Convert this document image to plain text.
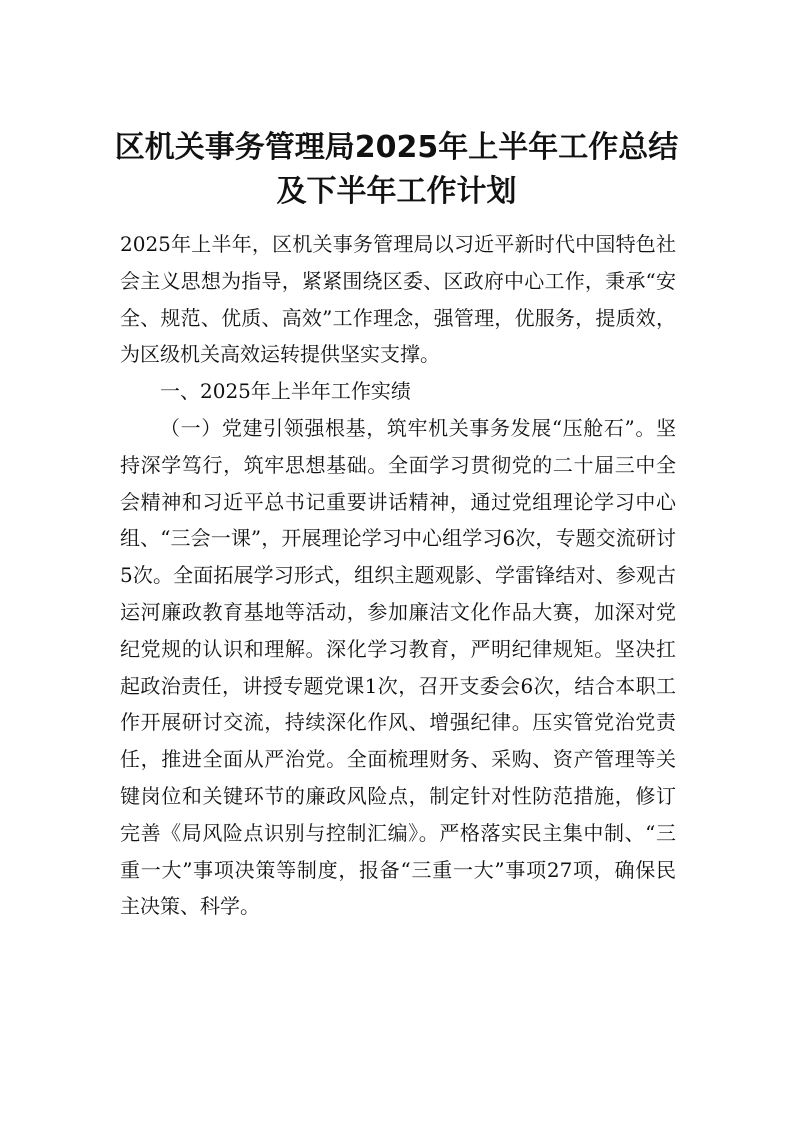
区机关事务管理局2025年上半年工作总结
及下半年工作计划

2025年上半年，区机关事务管理局以习近平新时代中国特色社会主义思想为指导，紧紧围绕区委、区政府中心工作，秉承“安全、规范、优质、高效”工作理念，强管理，优服务，提质效，为区级机关高效运转提供坚实支撑。

一、2025年上半年工作实绩

（一）党建引领强根基，筑牢机关事务发展“压舱石”。坚持深学笃行，筑牢思想基础。全面学习贯彻党的二十届三中全会精神和习近平总书记重要讲话精神，通过党组理论学习中心组、“三会一课”，开展理论学习中心组学习6次，专题交流研讨5次。全面拓展学习形式，组织主题观影、学雷锋结对、参观古运河廉政教育基地等活动，参加廉洁文化作品大赛，加深对党纪党规的认识和理解。深化学习教育，严明纪律规矩。坚决扛起政治责任，讲授专题党课1次，召开支委会6次，结合本职工作开展研讨交流，持续深化作风、增强纪律。压实管党治党责任，推进全面从严治党。全面梳理财务、采购、资产管理等关键岗位和关键环节的廉政风险点，制定针对性防范措施，修订完善《局风险点识别与控制汇编》。严格落实民主集中制、“三重一大”事项决策等制度，报备“三重一大”事项27项，确保民主决策、科学。
